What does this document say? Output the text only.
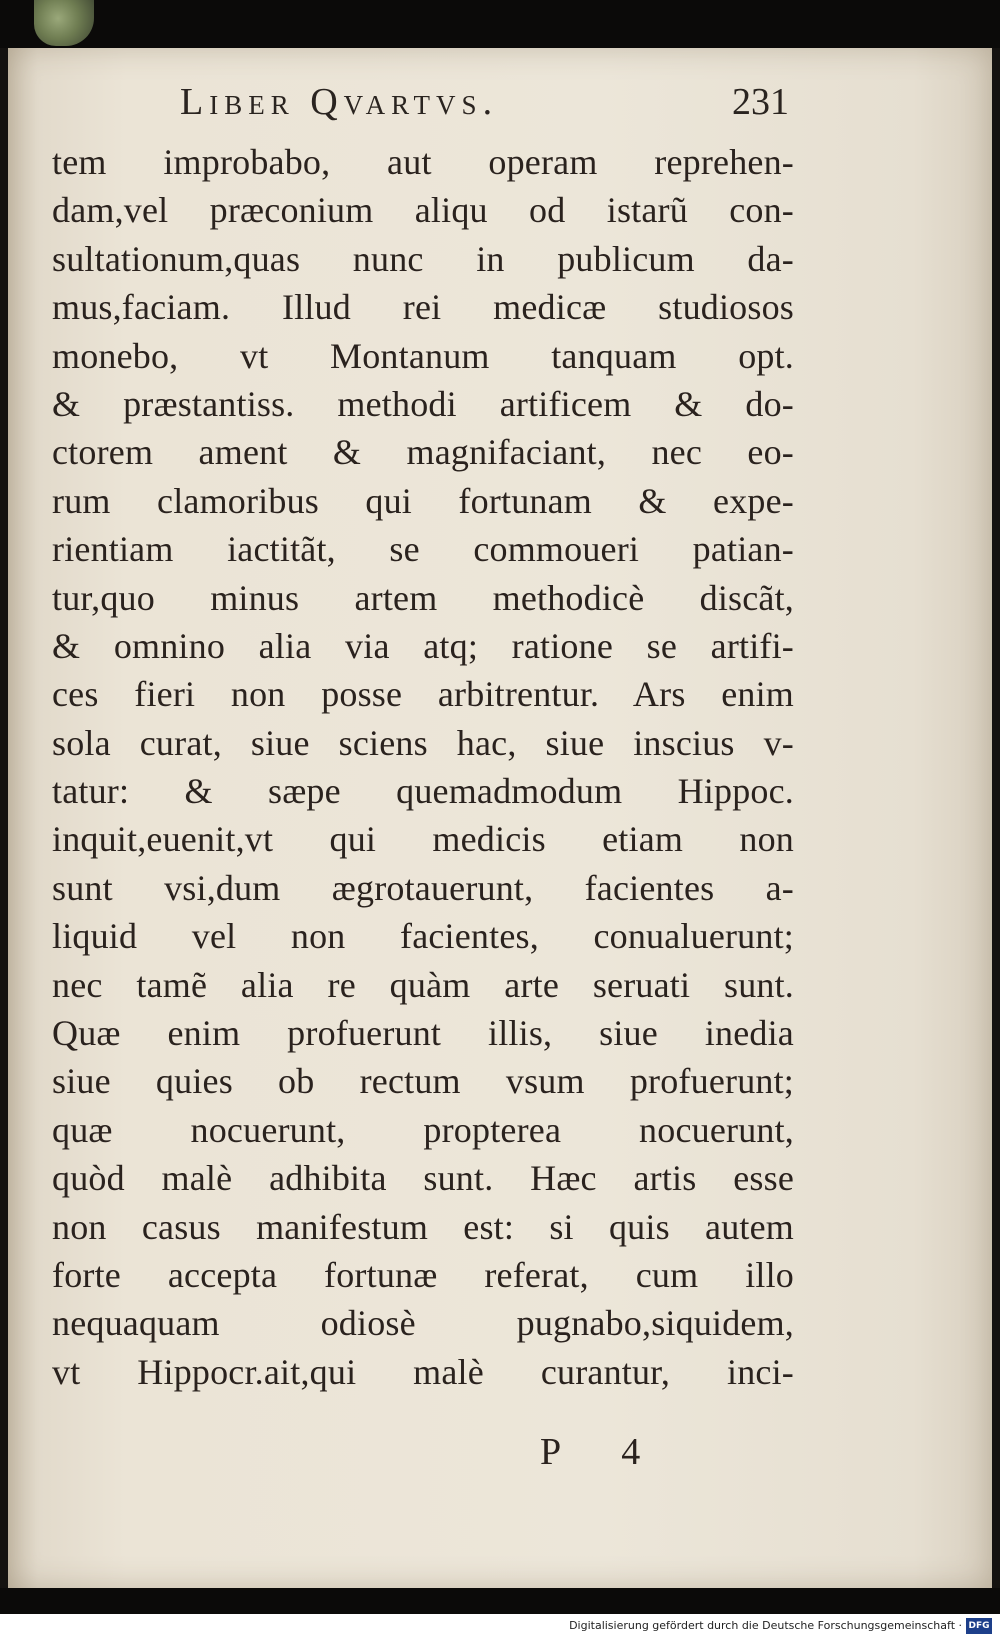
Liber Qvartvs.	231
tem improbabo, aut operam reprehen-
dam,vel præconium aliqu od istarũ con-
sultationum,quas nunc in publicum da-
mus,faciam. Illud rei medicæ studiosos
monebo, vt Montanum tanquam opt.
& præstantiss. methodi artificem & do-
ctorem ament & magnifaciant, nec eo-
rum clamoribus qui fortunam & expe-
rientiam iactitãt, se commoueri patian-
tur,quo minus artem methodicè discãt,
& omnino alia via atq; ratione se artifi-
ces fieri non posse arbitrentur. Ars enim
sola curat, siue sciens hac, siue inscius v-
tatur: & sæpe quemadmodum Hippoc.
inquit,euenit,vt qui medicis etiam non
sunt vsi,dum ægrotauerunt, facientes a-
liquid vel non facientes, conualuerunt;
nec tamẽ alia re quàm arte seruati sunt.
Quæ enim profuerunt illis, siue inedia
siue quies ob rectum vsum profuerunt;
quæ nocuerunt, propterea nocuerunt,
quòd malè adhibita sunt. Hæc artis esse
non casus manifestum est: si quis autem
forte accepta fortunæ referat, cum illo
nequaquam odiosè pugnabo,siquidem,
vt Hippocr.ait,qui malè curantur, inci-
P 4
Digitalisierung gefördert durch die Deutsche Forschungsgemeinschaft · DFG
